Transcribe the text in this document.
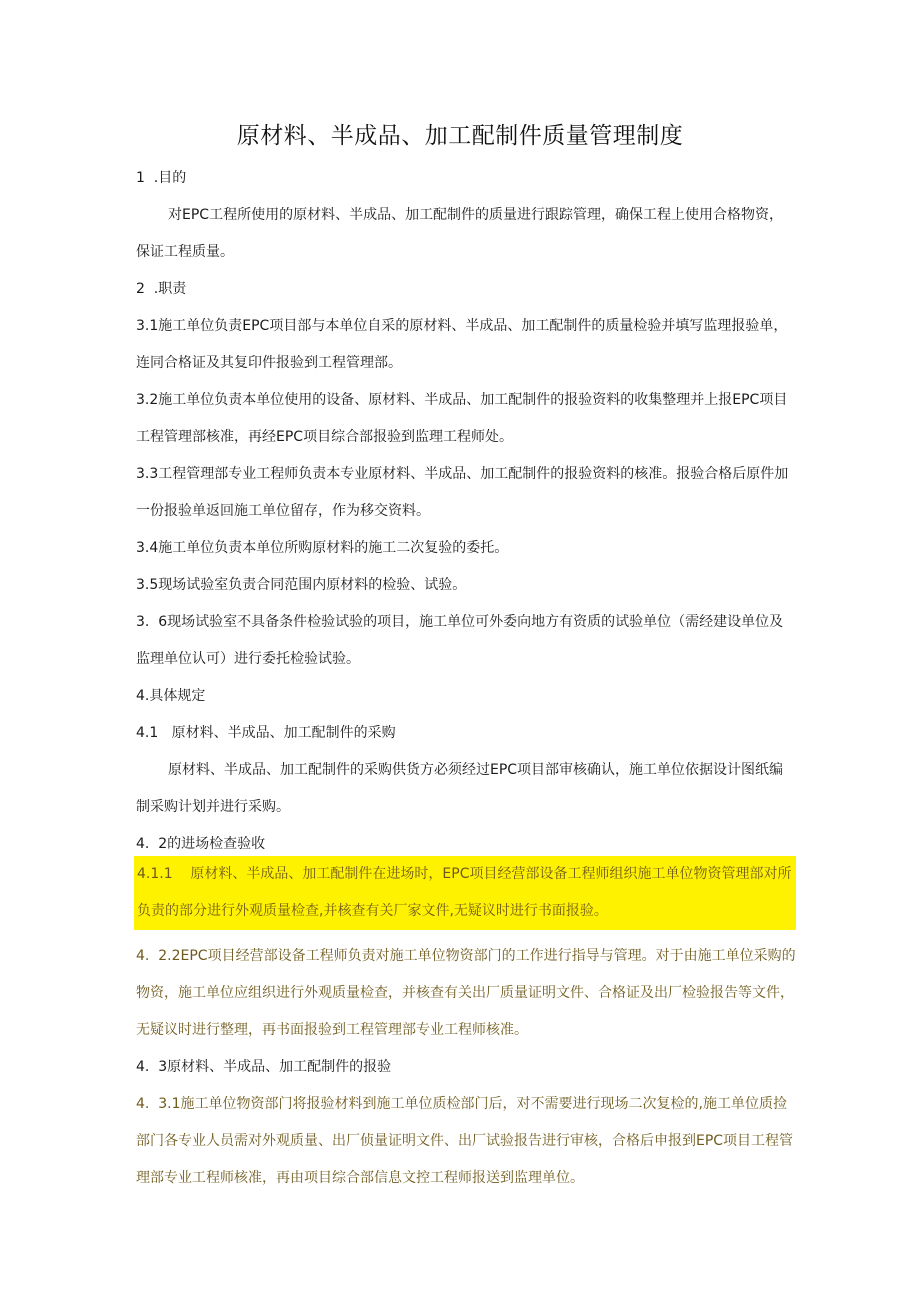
原材料、半成品、加工配制件质量管理制度
1  .目的
对EPC工程所使用的原材料、半成品、加工配制件的质量进行跟踪管理，确保工程上使用合格物资，保证工程质量。
2  .职责
3.1施工单位负责EPC项目部与本单位自采的原材料、半成品、加工配制件的质量检验并填写监理报验单，连同合格证及其复印件报验到工程管理部。
3.2施工单位负责本单位使用的设备、原材料、半成品、加工配制件的报验资料的收集整理并上报EPC项目工程管理部核准，再经EPC项目综合部报验到监理工程师处。
3.3工程管理部专业工程师负责本专业原材料、半成品、加工配制件的报验资料的核准。报验合格后原件加一份报验单返回施工单位留存，作为移交资料。
3.4施工单位负责本单位所购原材料的施工二次复验的委托。
3.5现场试验室负责合同范围内原材料的检验、试验。
3.  6现场试验室不具备条件检验试验的项目，施工单位可外委向地方有资质的试验单位（需经建设单位及监理单位认可）进行委托检验试验。
4.具体规定
4.1   原材料、半成品、加工配制件的采购
原材料、半成品、加工配制件的采购供货方必须经过EPC项目部审核确认，施工单位依据设计图纸编制采购计划并进行采购。
4.  2的进场检查验收
4.1.1    原材料、半成品、加工配制件在进场时，EPC项目经营部设备工程师组织施工单位物资管理部对所负责的部分进行外观质量检查,并核查有关厂家文件,无疑议时进行书面报验。
4.  2.2EPC项目经营部设备工程师负责对施工单位物资部门的工作进行指导与管理。对于由施工单位采购的物资，施工单位应组织进行外观质量检查，并核查有关出厂质量证明文件、合格证及出厂检验报告等文件，无疑议时进行整理，再书面报验到工程管理部专业工程师核准。
4.  3原材料、半成品、加工配制件的报验
4.  3.1施工单位物资部门将报验材料到施工单位质检部门后，对不需要进行现场二次复检的,施工单位质捡部门各专业人员需对外观质量、出厂侦量证明文件、出厂试验报告进行审核，合格后申报到EPC项目工程管理部专业工程师核准，再由项目综合部信息文控工程师报送到监理单位。
